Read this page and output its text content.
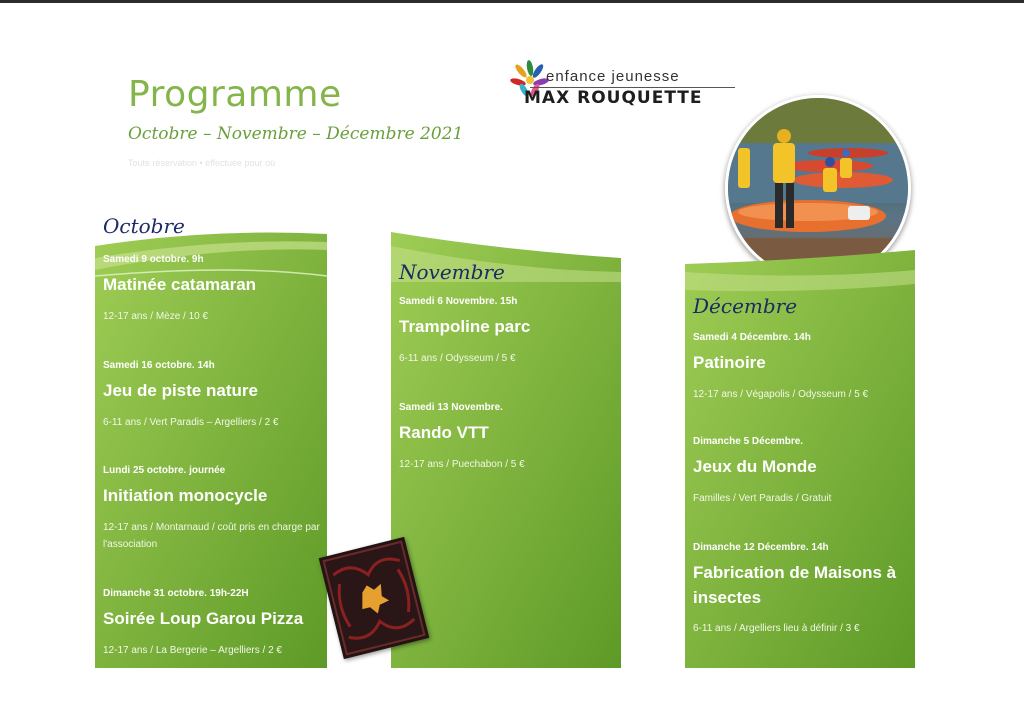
Programme
Octobre – Novembre – Décembre 2021
Toute réservation • effectuée pour où
enfance jeunesse
MAX ROUQUETTE
Octobre

Samedi 9 octobre. 9h

Matinée catamaran

12-17 ans / Mèze / 10 €

Samedi 16 octobre. 14h

Jeu de piste nature

6-11 ans / Vert Paradis – Argelliers / 2 €

Lundi 25 octobre. journée

Initiation monocycle

12-17 ans / Montarnaud / coût pris en charge par l'association

Dimanche 31 octobre. 19h-22H

Soirée Loup Garou Pizza

12-17 ans / La Bergerie – Argelliers / 2 €

Novembre

Samedi 6 Novembre. 15h

Trampoline parc

6-11 ans / Odysseum / 5 €

Samedi 13 Novembre.

Rando VTT

12-17 ans / Puechabon / 5 €

Décembre

Samedi 4 Décembre. 14h

Patinoire

12-17 ans / Végapolis / Odysseum / 5 €

Dimanche 5 Décembre.

Jeux du Monde

Familles / Vert Paradis / Gratuit

Dimanche 12 Décembre. 14h

Fabrication de Maisons à insectes

6-11 ans / Argelliers lieu à définir / 3 €
